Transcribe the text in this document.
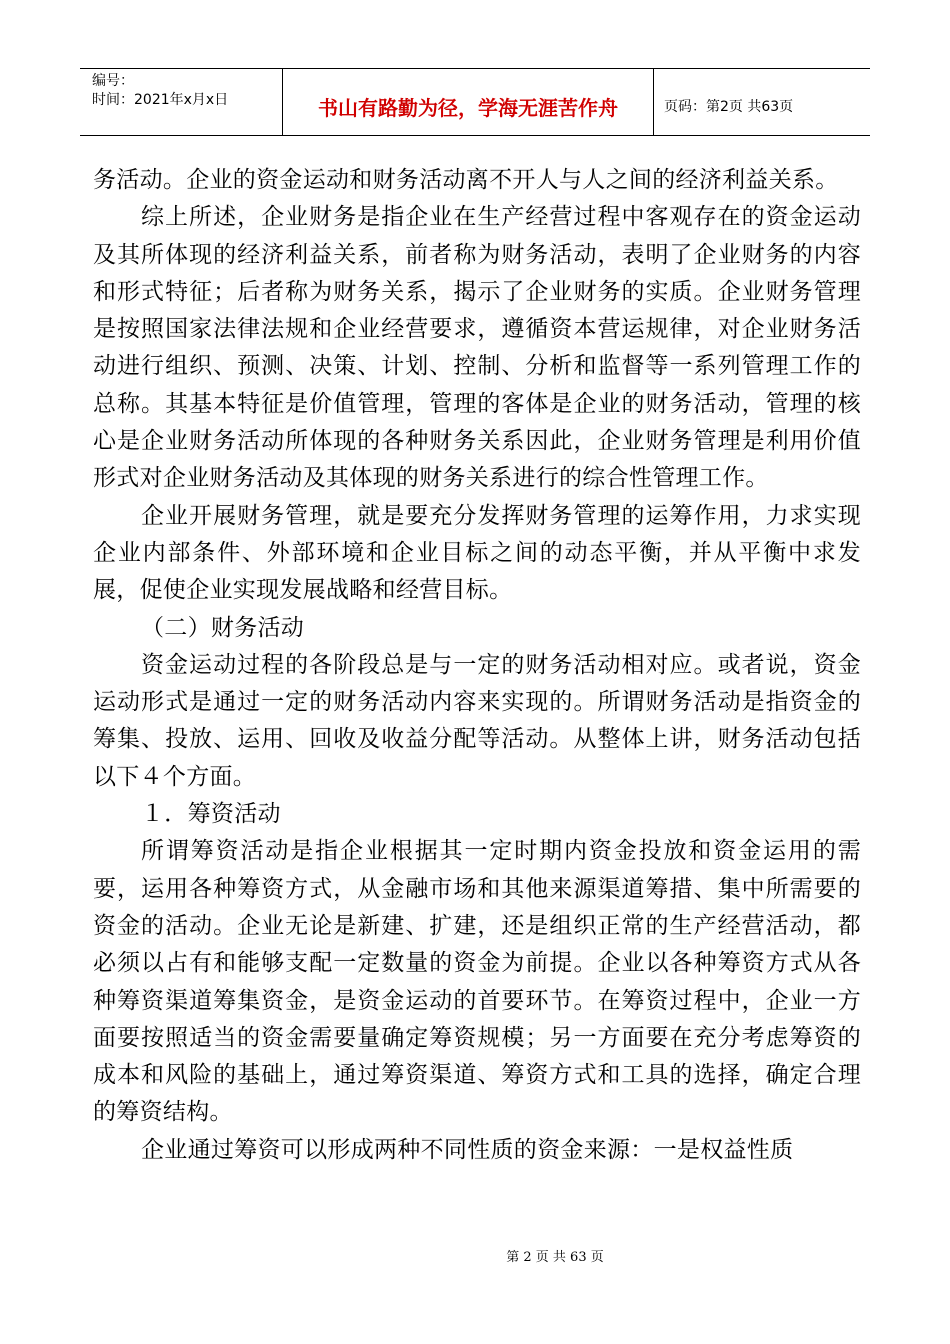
编号：
时间：2021年x月x日	书山有路勤为径，学海无涯苦作舟	页码：第2页 共63页

务活动。企业的资金运动和财务活动离不开人与人之间的经济利益关系。

综上所述，企业财务是指企业在生产经营过程中客观存在的资金运动及其所体现的经济利益关系，前者称为财务活动，表明了企业财务的内容和形式特征；后者称为财务关系，揭示了企业财务的实质。企业财务管理是按照国家法律法规和企业经营要求，遵循资本营运规律，对企业财务活动进行组织、预测、决策、计划、控制、分析和监督等一系列管理工作的总称。其基本特征是价值管理，管理的客体是企业的财务活动，管理的核心是企业财务活动所体现的各种财务关系因此，企业财务管理是利用价值形式对企业财务活动及其体现的财务关系进行的综合性管理工作。

企业开展财务管理，就是要充分发挥财务管理的运筹作用，力求实现企业内部条件、外部环境和企业目标之间的动态平衡，并从平衡中求发展，促使企业实现发展战略和经营目标。

（二）财务活动

资金运动过程的各阶段总是与一定的财务活动相对应。或者说，资金运动形式是通过一定的财务活动内容来实现的。所谓财务活动是指资金的筹集、投放、运用、回收及收益分配等活动。从整体上讲，财务活动包括以下４个方面。

１．筹资活动

所谓筹资活动是指企业根据其一定时期内资金投放和资金运用的需要，运用各种筹资方式，从金融市场和其他来源渠道筹措、集中所需要的资金的活动。企业无论是新建、扩建，还是组织正常的生产经营活动，都必须以占有和能够支配一定数量的资金为前提。企业以各种筹资方式从各种筹资渠道筹集资金，是资金运动的首要环节。在筹资过程中，企业一方面要按照适当的资金需要量确定筹资规模；另一方面要在充分考虑筹资的成本和风险的基础上，通过筹资渠道、筹资方式和工具的选择，确定合理的筹资结构。

企业通过筹资可以形成两种不同性质的资金来源：一是权益性质

第 2 页 共 63 页
